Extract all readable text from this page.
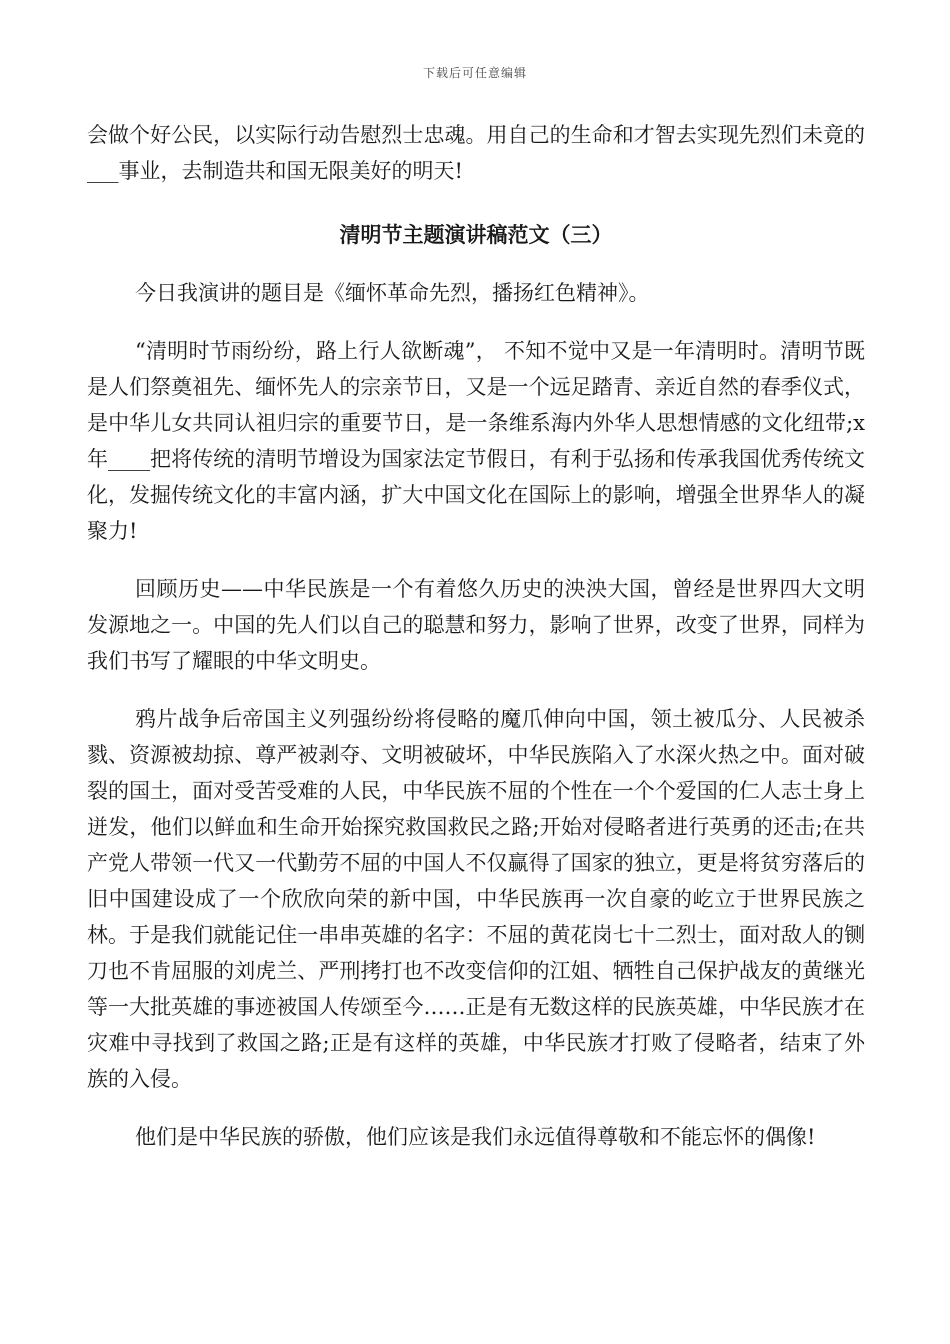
下载后可任意编辑

会做个好公民，以实际行动告慰烈士忠魂。用自己的生命和才智去实现先烈们未竟的___事业，去制造共和国无限美好的明天!

清明节主题演讲稿范文（三）

今日我演讲的题目是《缅怀革命先烈，播扬红色精神》。

“清明时节雨纷纷，路上行人欲断魂”， 不知不觉中又是一年清明时。清明节既是人们祭奠祖先、缅怀先人的宗亲节日，又是一个远足踏青、亲近自然的春季仪式，是中华儿女共同认祖归宗的重要节日，是一条维系海内外华人思想情感的文化纽带;x年____把将传统的清明节增设为国家法定节假日，有利于弘扬和传承我国优秀传统文化，发掘传统文化的丰富内涵，扩大中国文化在国际上的影响，增强全世界华人的凝聚力!

回顾历史——中华民族是一个有着悠久历史的泱泱大国，曾经是世界四大文明发源地之一。中国的先人们以自己的聪慧和努力，影响了世界，改变了世界，同样为我们书写了耀眼的中华文明史。

鸦片战争后帝国主义列强纷纷将侵略的魔爪伸向中国，领土被瓜分、人民被杀戮、资源被劫掠、尊严被剥夺、文明被破坏，中华民族陷入了水深火热之中。面对破裂的国土，面对受苦受难的人民，中华民族不屈的个性在一个个爱国的仁人志士身上迸发，他们以鲜血和生命开始探究救国救民之路;开始对侵略者进行英勇的还击;在共产党人带领一代又一代勤劳不屈的中国人不仅赢得了国家的独立，更是将贫穷落后的旧中国建设成了一个欣欣向荣的新中国，中华民族再一次自豪的屹立于世界民族之林。于是我们就能记住一串串英雄的名字：不屈的黄花岗七十二烈士，面对敌人的铡刀也不肯屈服的刘虎兰、严刑拷打也不改变信仰的江姐、牺牲自己保护战友的黄继光等一大批英雄的事迹被国人传颂至今……正是有无数这样的民族英雄，中华民族才在灾难中寻找到了救国之路;正是有这样的英雄，中华民族才打败了侵略者，结束了外族的入侵。

他们是中华民族的骄傲，他们应该是我们永远值得尊敬和不能忘怀的偶像!
